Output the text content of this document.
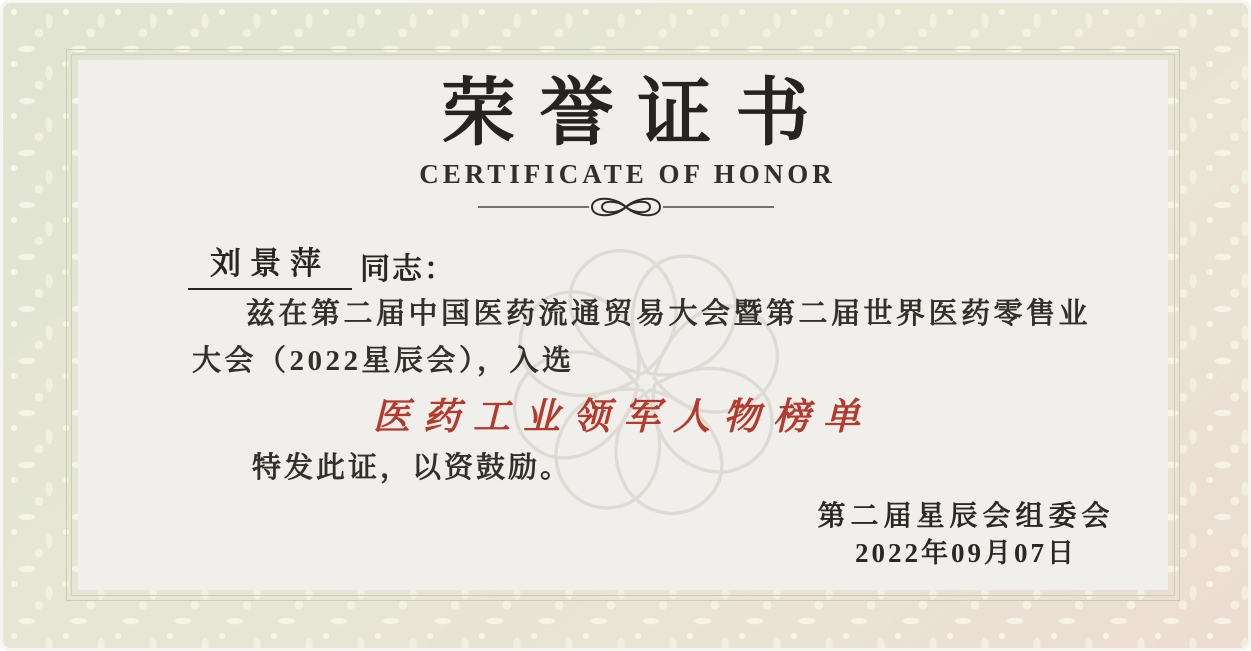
荣誉证书
CERTIFICATE OF HONOR
刘景萍	同志：
兹在第二届中国医药流通贸易大会暨第二届世界医药零售业
大会（2022星辰会），入选
医药工业领军人物榜单
特发此证，以资鼓励。
第二届星辰会组委会
2022年09月07日
